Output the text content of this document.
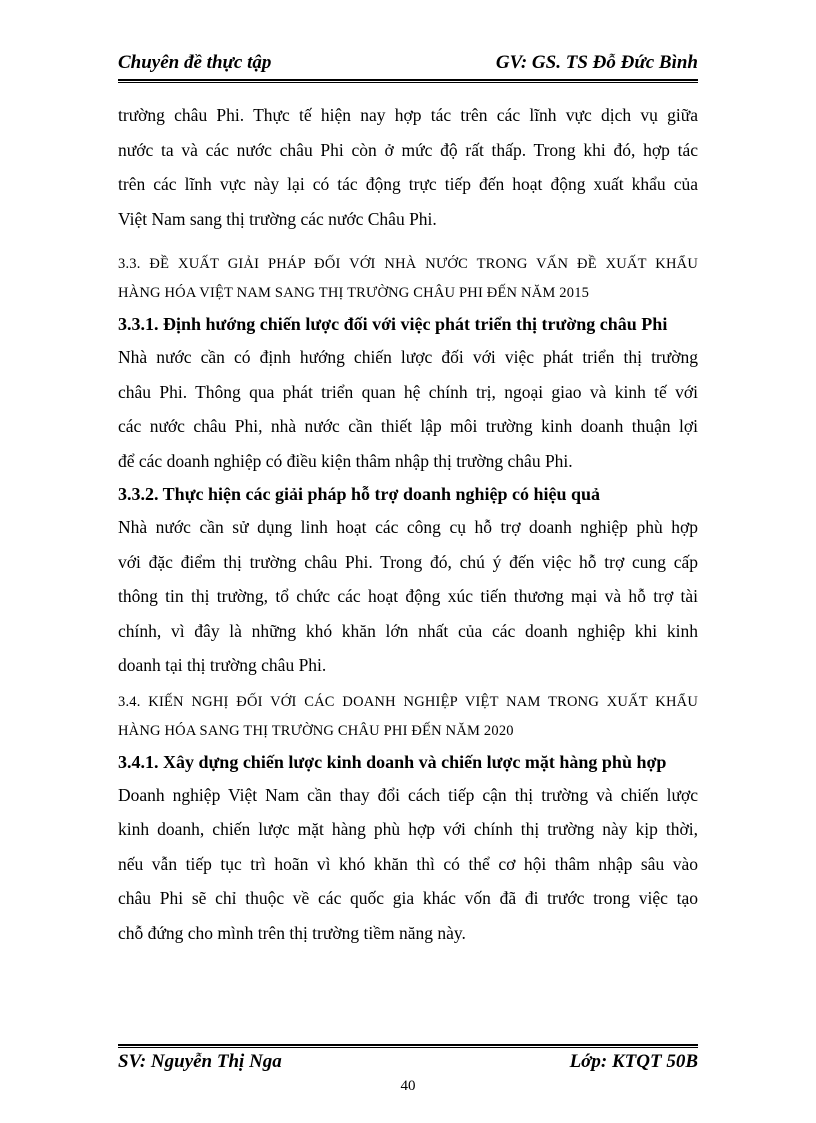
Chuyên đề thực tập	GV: GS. TS Đỗ Đức Bình
trường châu Phi. Thực tế hiện nay hợp tác trên các lĩnh vực dịch vụ giữa
nước ta và các nước châu Phi còn ở mức độ rất thấp. Trong khi đó, hợp tác
trên các lĩnh vực này lại có tác động trực tiếp đến hoạt động xuất khẩu của
Việt Nam sang thị trường các nước Châu Phi.
3.3. ĐỀ XUẤT GIẢI PHÁP ĐỐI VỚI NHÀ NƯỚC TRONG VẤN ĐỀ XUẤT KHẨU
HÀNG HÓA VIỆT NAM SANG THỊ TRƯỜNG CHÂU PHI ĐẾN NĂM 2015
3.3.1. Định hướng chiến lược đối với việc phát triển thị trường châu Phi
Nhà nước cần có định hướng chiến lược đối với việc phát triển thị trường
châu Phi. Thông qua phát triển quan hệ chính trị, ngoại giao và kinh tế với
các nước châu Phi, nhà nước cần thiết lập môi trường kinh doanh thuận lợi
để các doanh nghiệp có điều kiện thâm nhập thị trường châu Phi.
3.3.2. Thực hiện các giải pháp hỗ trợ doanh nghiệp có hiệu quả
Nhà nước cần sử dụng linh hoạt các công cụ hỗ trợ doanh nghiệp phù hợp
với đặc điểm thị trường châu Phi. Trong đó, chú ý đến việc hỗ trợ cung cấp
thông tin thị trường, tổ chức các hoạt động xúc tiến thương mại và hỗ trợ tài
chính, vì đây là những khó khăn lớn nhất của các doanh nghiệp khi kinh
doanh tại thị trường châu Phi.
3.4. KIẾN NGHỊ ĐỐI VỚI CÁC DOANH NGHIỆP VIỆT NAM TRONG XUẤT KHẨU
HÀNG HÓA SANG THỊ TRƯỜNG CHÂU PHI ĐẾN NĂM 2020
3.4.1. Xây dựng chiến lược kinh doanh và chiến lược mặt hàng phù hợp
Doanh nghiệp Việt Nam cần thay đổi cách tiếp cận thị trường và chiến lược
kinh doanh, chiến lược mặt hàng phù hợp với chính thị trường này kịp thời,
nếu vẫn tiếp tục trì hoãn vì khó khăn thì có thể cơ hội thâm nhập sâu vào
châu Phi sẽ chỉ thuộc về các quốc gia khác vốn đã đi trước trong việc tạo
chỗ đứng cho mình trên thị trường tiềm năng này.
SV: Nguyễn Thị Nga	Lớp: KTQT 50B
40
